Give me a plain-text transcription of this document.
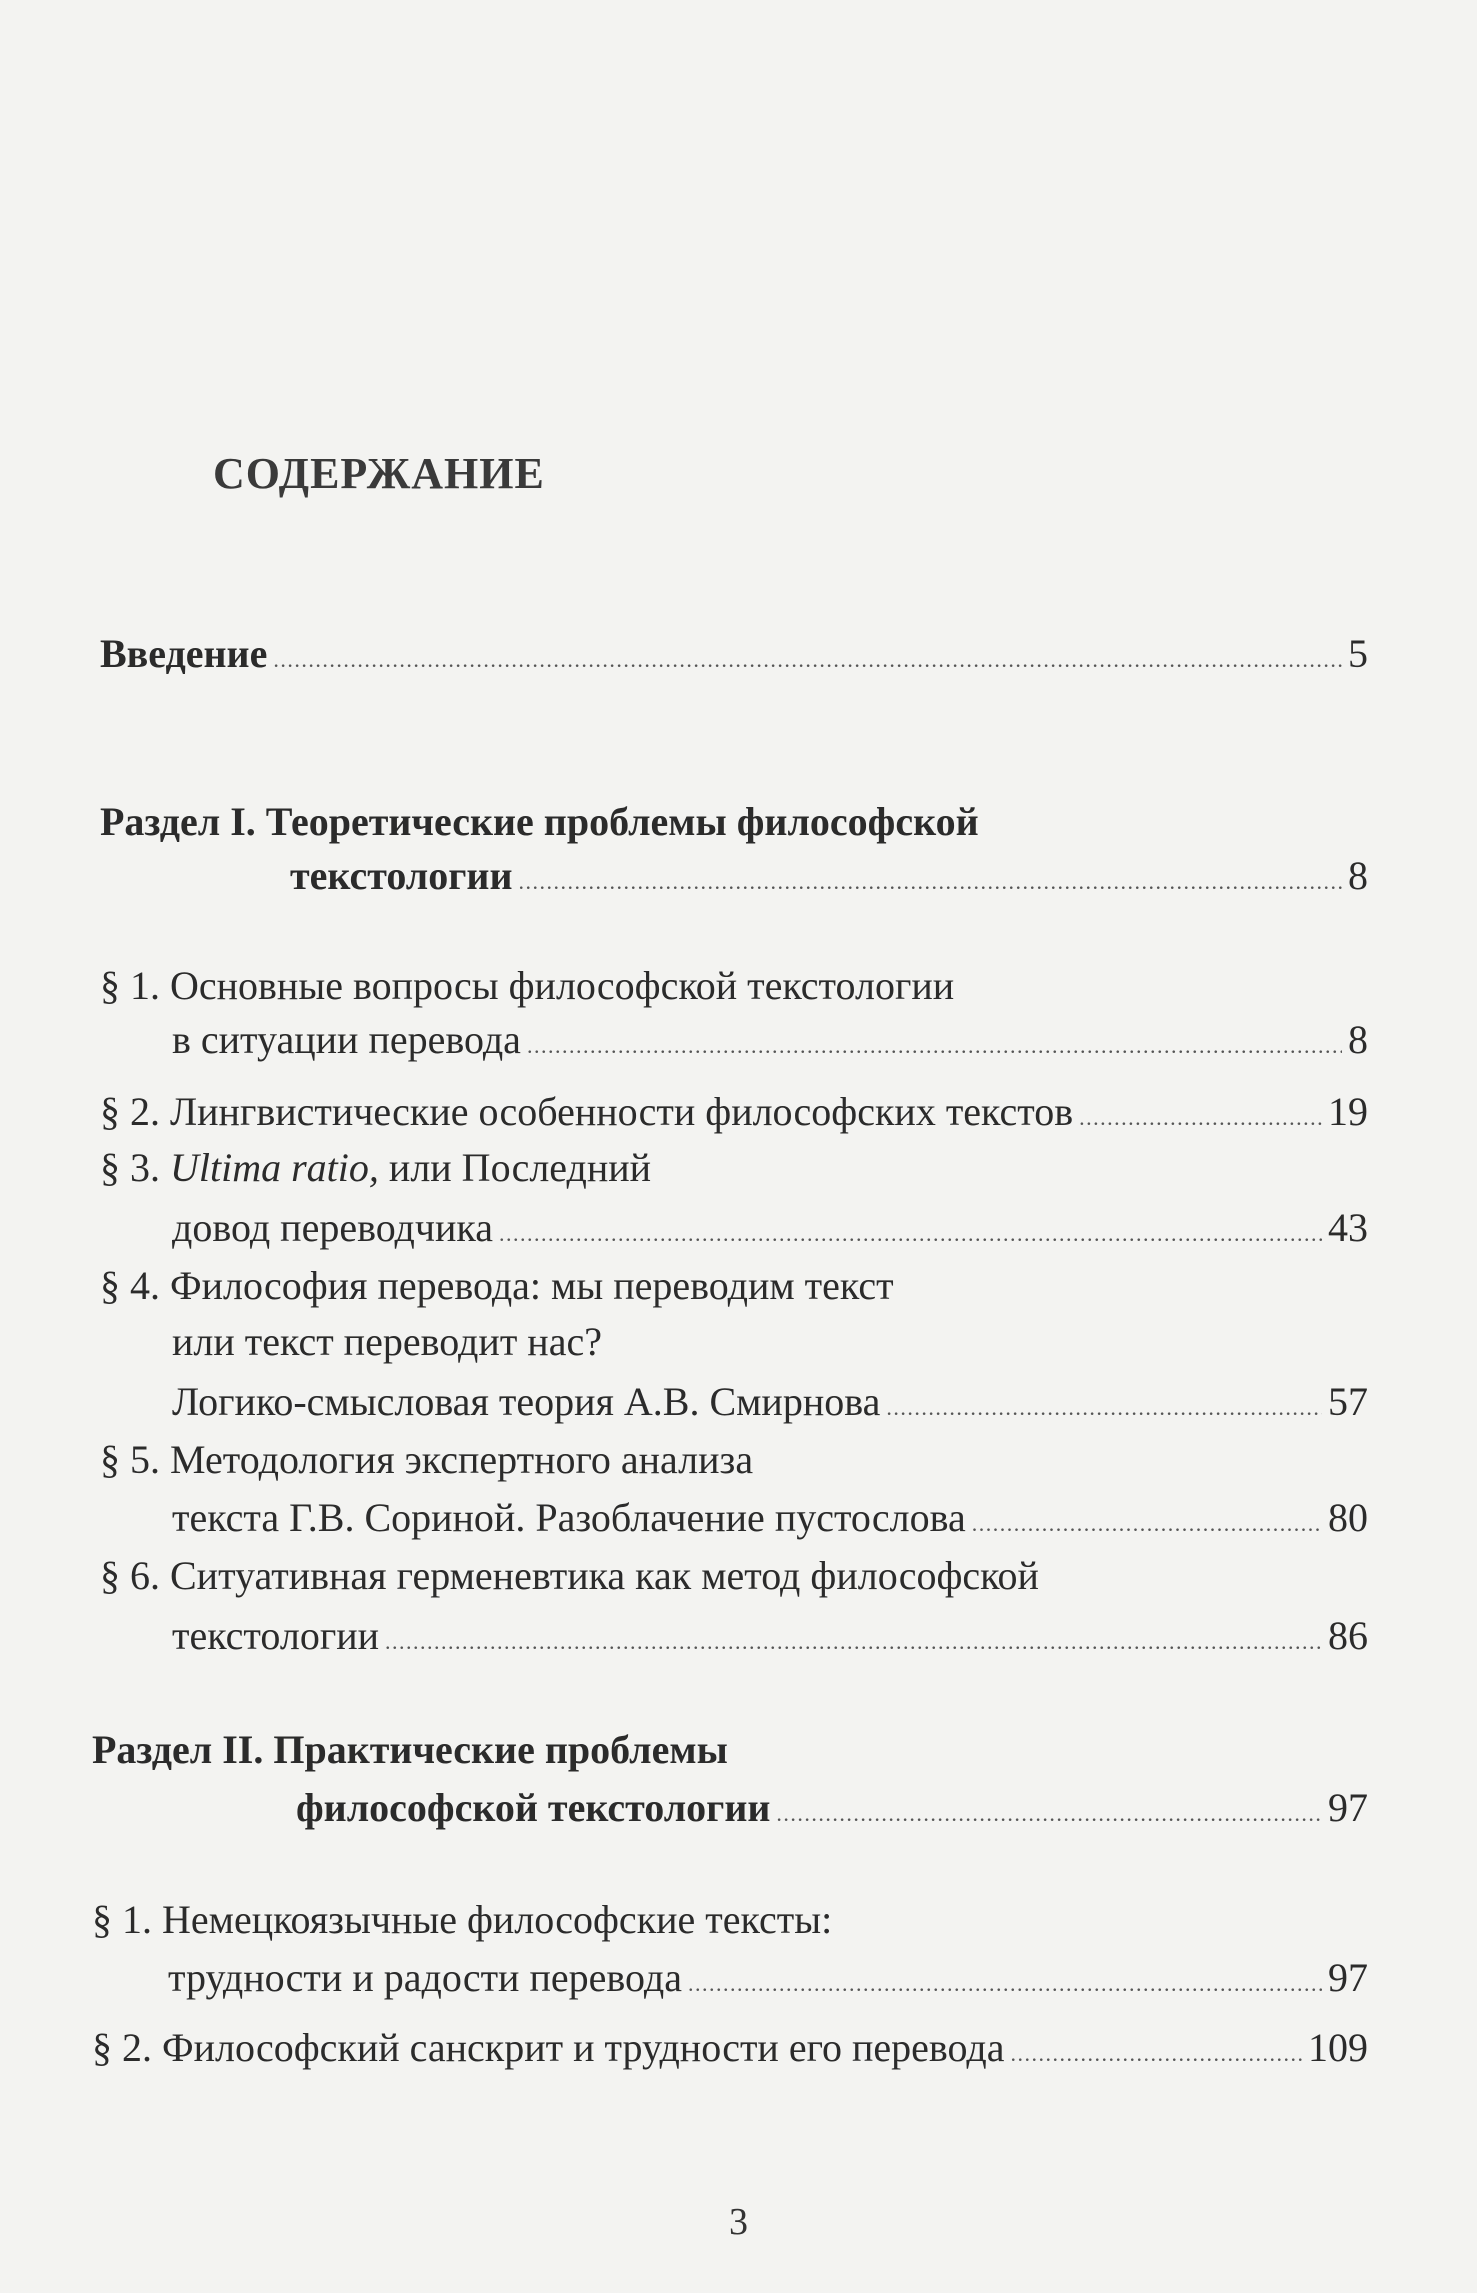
СОДЕРЖАНИЕ
Введение . . .	5
Раздел I. Теоретические проблемы философской
текстологии . . .	8
§ 1. Основные вопросы философской текстологии
в ситуации перевода . . .	8
§ 2. Лингвистические особенности философских текстов . . .	19
§ 3. Ultima ratio, или Последний
довод переводчика . . .	43
§ 4. Философия перевода: мы переводим текст
или текст переводит нас?
Логико-смысловая теория А.В. Смирнова . . .	57
§ 5. Методология экспертного анализа
текста Г.В. Сориной. Разоблачение пустослова . . .	80
§ 6. Ситуативная герменевтика как метод философской
текстологии . . .	86
Раздел II. Практические проблемы
философской текстологии . . .	97
§ 1. Немецкоязычные философские тексты:
трудности и радости перевода . . .	97
§ 2. Философский санскрит и трудности его перевода . . .	109
3
